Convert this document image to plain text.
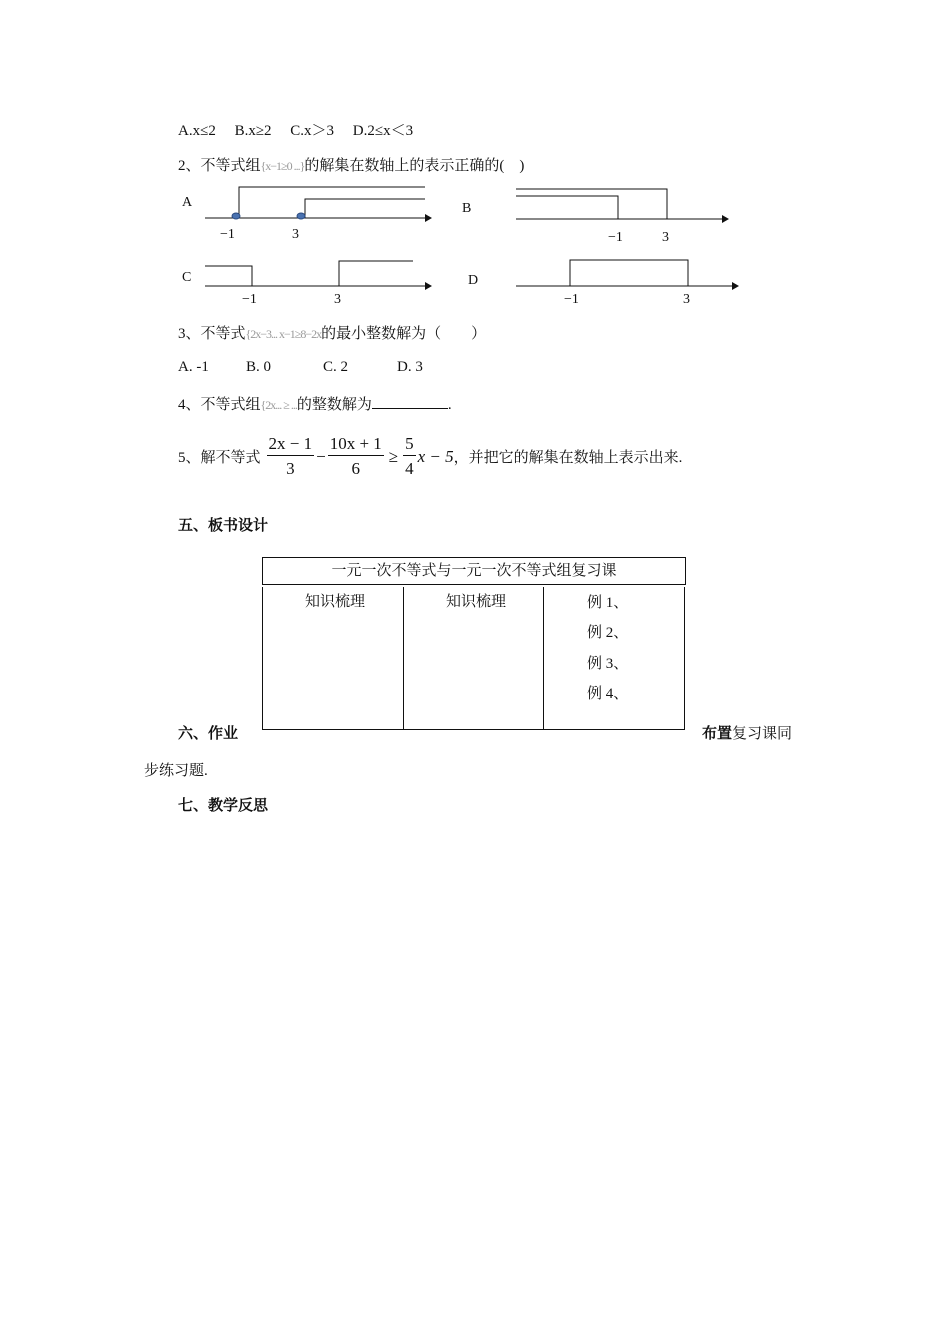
A.x≤2　 B.x≥2　 C.x＞3　 D.2≤x＜3
2、不等式组{x−1≥0 ...}的解集在数轴上的表示正确的(　)
A
−1	3
B
−1	3
C
−1	3
D
−1	3
3、不等式{2x−3... x−1≥8−2x的最小整数解为（　　）
A. -1 B. 0	C. 2	D. 3
4、不等式组{2x... ≥ ...的整数解为	.
5、解不等式 $\frac{2x - 1}{3} - \frac{10x + 1}{6} \ge \frac{5}{4}$ x − 5 ，并把它的解集在数轴上表示出来.
五、板书设计
一元一次不等式与一元一次不等式组复习课
知识梳理	知识梳理	例 1、
例 2、
例 3、
例 4、
六、作业	布置复习课同
步练习题.
七、教学反思
